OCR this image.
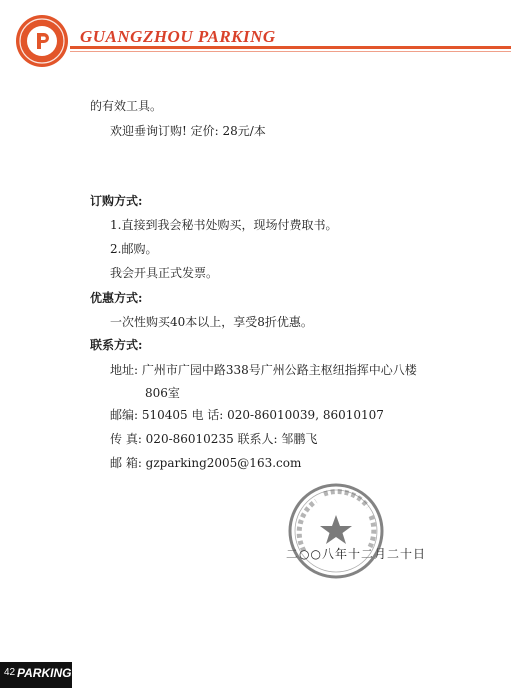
GUANGZHOU PARKING
的有效工具。
欢迎垂询订购! 定价: 28元/本
订购方式:
1.直接到我会秘书处购买，现场付费取书。
2.邮购。
我会开具正式发票。
优惠方式:
一次性购买40本以上，享受8折优惠。
联系方式:
地址: 广州市广园中路338号广州公路主枢纽指挥中心八楼
806室
邮编: 510405 电 话: 020-86010039, 86010107
传 真: 020-86010235 联系人: 邹鹏飞
邮 箱: gzparking2005@163.com
二○○八年十二月二十日
42 PARKING
